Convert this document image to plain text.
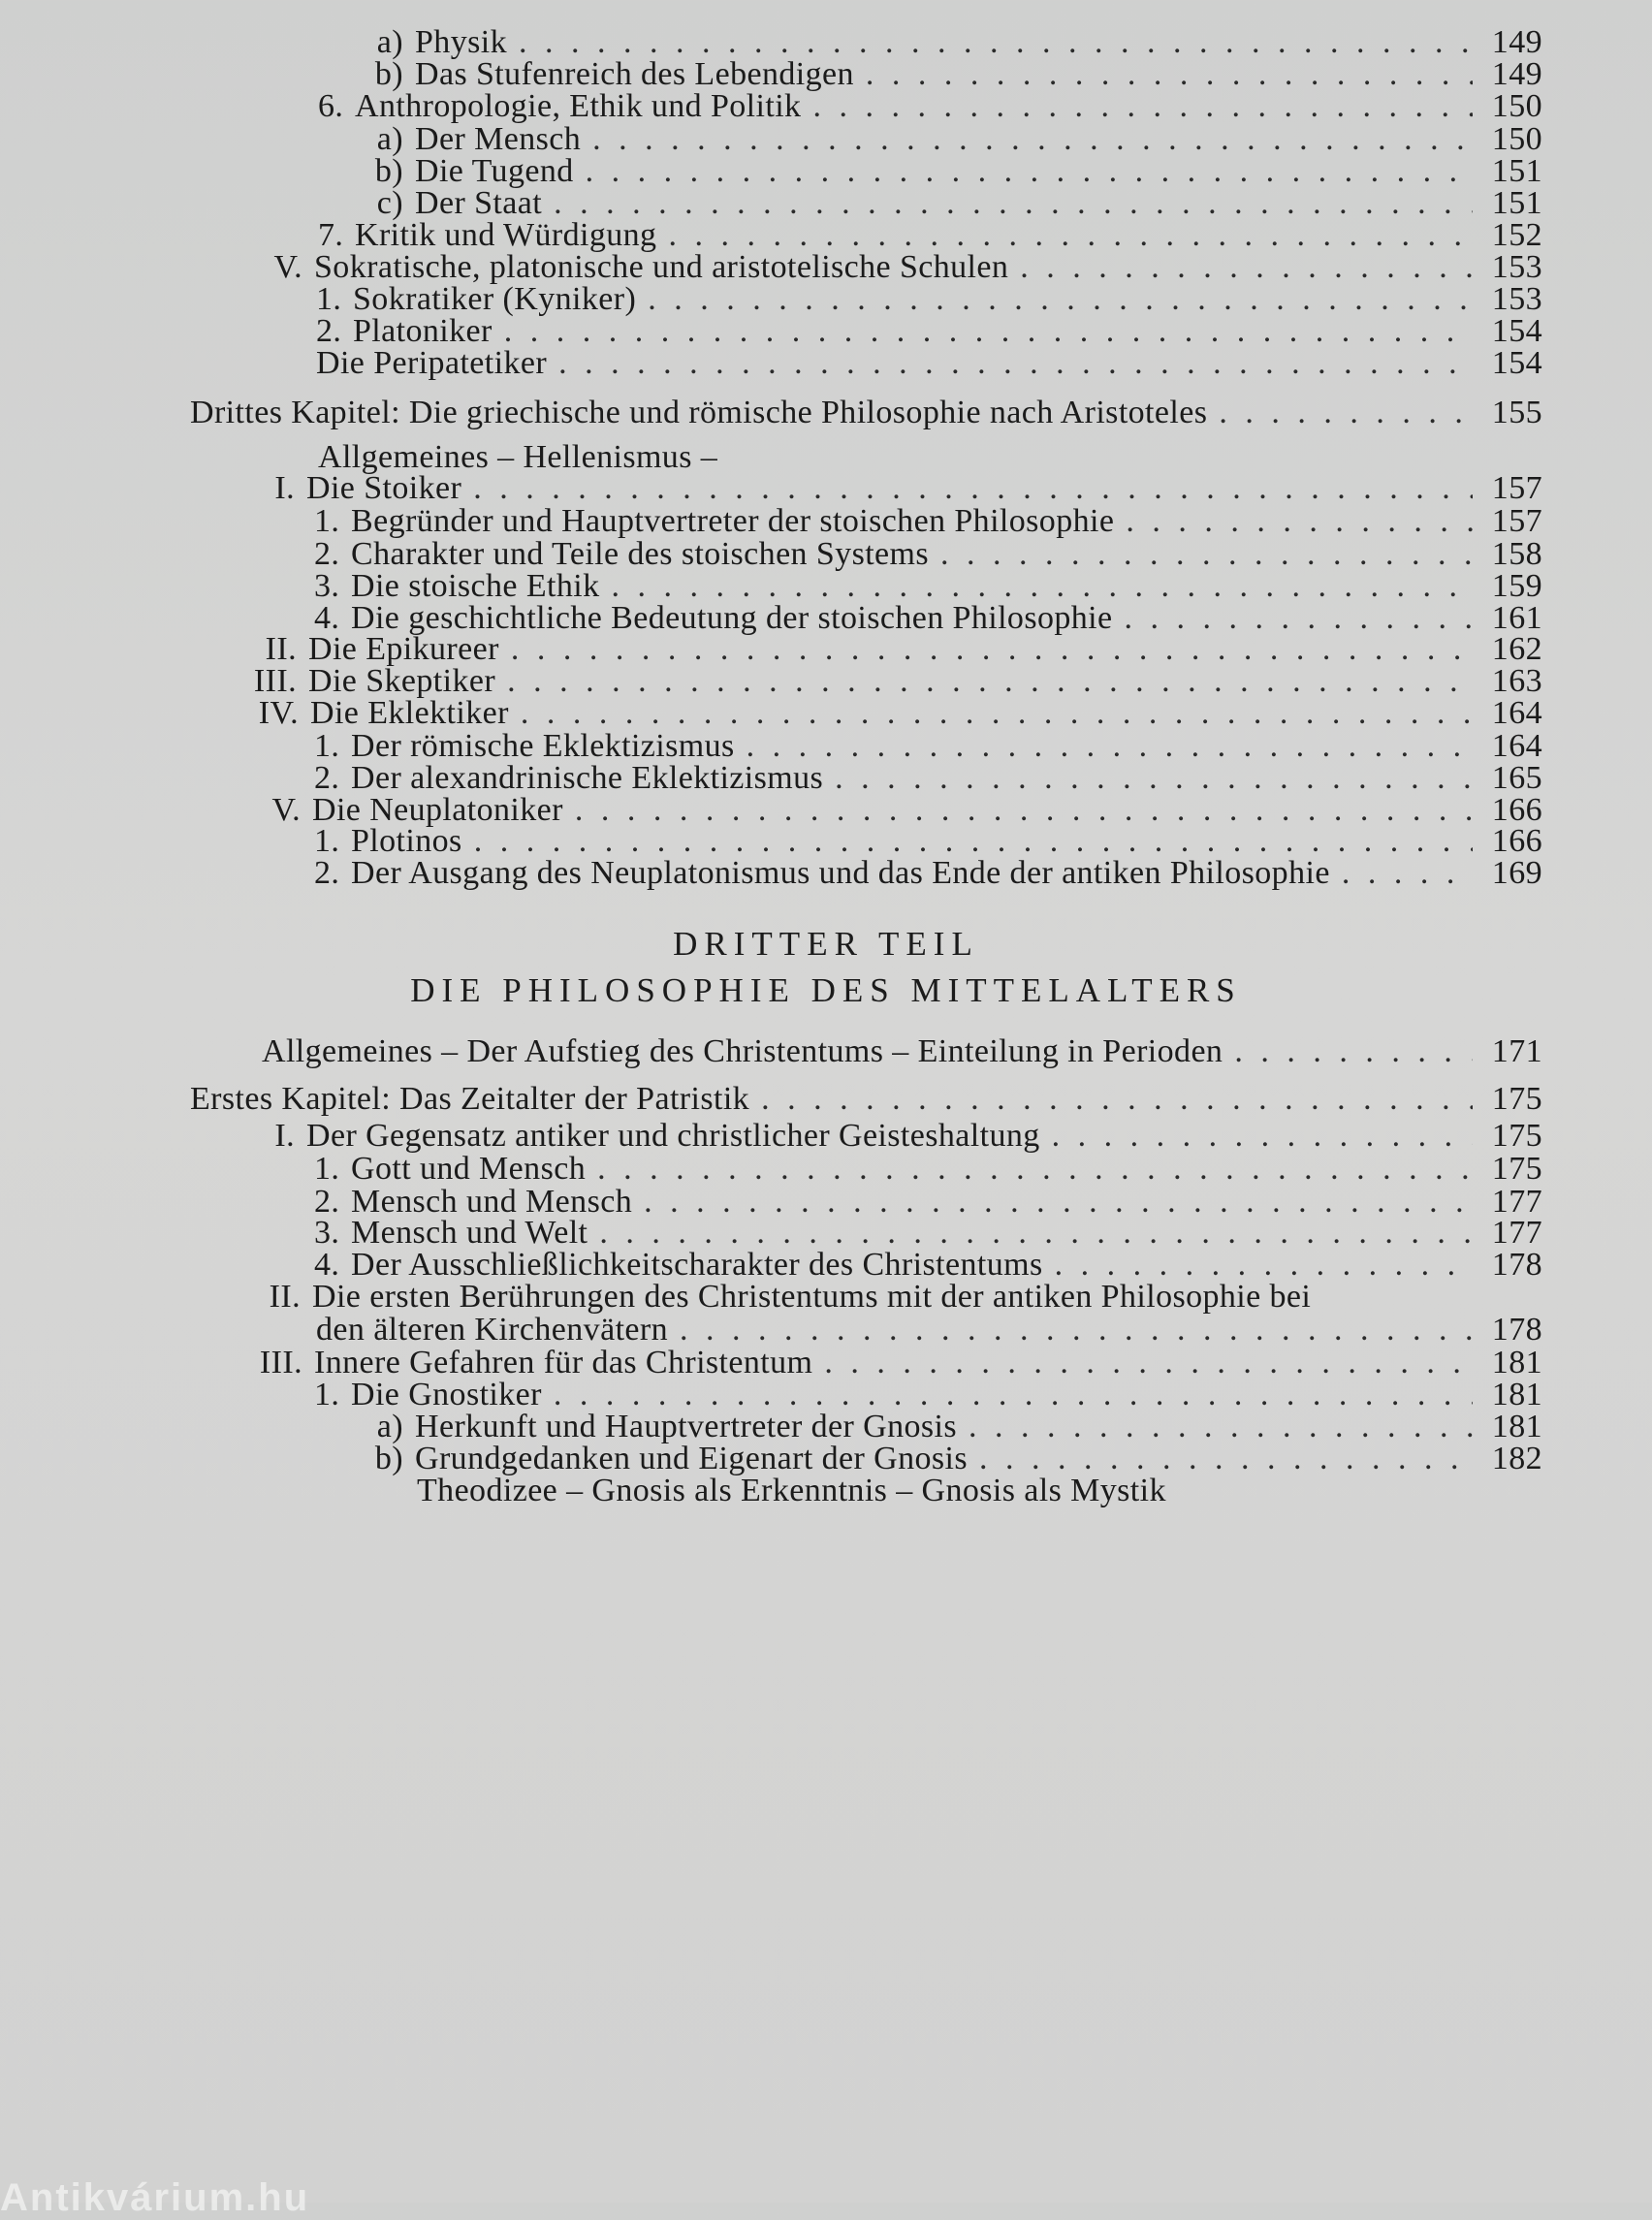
DRITTER TEIL
DIE PHILOSOPHIE DES MITTELALTERS
a) Physik . . .	149
b) Das Stufenreich des Lebendigen . . .	149
6. Anthropologie, Ethik und Politik . . .	150
a) Der Mensch . . .	150
b) Die Tugend . . .	151
c) Der Staat . . .	151
7. Kritik und Würdigung . . .	152
V. Sokratische, platonische und aristotelische Schulen . . .	153
1. Sokratiker (Kyniker) . . .	153
2. Platoniker . . .	154
Die Peripatetiker . . .	154
Drittes Kapitel: Die griechische und römische Philosophie nach Aristoteles . . .	155
Allgemeines – Hellenismus –
I. Die Stoiker . . .	157
1. Begründer und Hauptvertreter der stoischen Philosophie . . .	157
2. Charakter und Teile des stoischen Systems . . .	158
3. Die stoische Ethik . . .	159
4. Die geschichtliche Bedeutung der stoischen Philosophie . . .	161
II. Die Epikureer . . .	162
III. Die Skeptiker . . .	163
IV. Die Eklektiker . . .	164
1. Der römische Eklektizismus . . .	164
2. Der alexandrinische Eklektizismus . . .	165
V. Die Neuplatoniker . . .	166
1. Plotinos . . .	166
2. Der Ausgang des Neuplatonismus und das Ende der antiken Philosophie . . .	169
Allgemeines – Der Aufstieg des Christentums – Einteilung in Perioden . . .	171
Erstes Kapitel: Das Zeitalter der Patristik . . .	175
I. Der Gegensatz antiker und christlicher Geisteshaltung . . .	175
1. Gott und Mensch . . .	175
2. Mensch und Mensch . . .	177
3. Mensch und Welt . . .	177
4. Der Ausschließlichkeitscharakter des Christentums . . .	178
II. Die ersten Berührungen des Christentums mit der antiken Philosophie bei
den älteren Kirchenvätern . . .	178
III. Innere Gefahren für das Christentum . . .	181
1. Die Gnostiker . . .	181
a) Herkunft und Hauptvertreter der Gnosis . . .	181
b) Grundgedanken und Eigenart der Gnosis . . .	182
Theodizee – Gnosis als Erkenntnis – Gnosis als Mystik
Antikvárium.hu
